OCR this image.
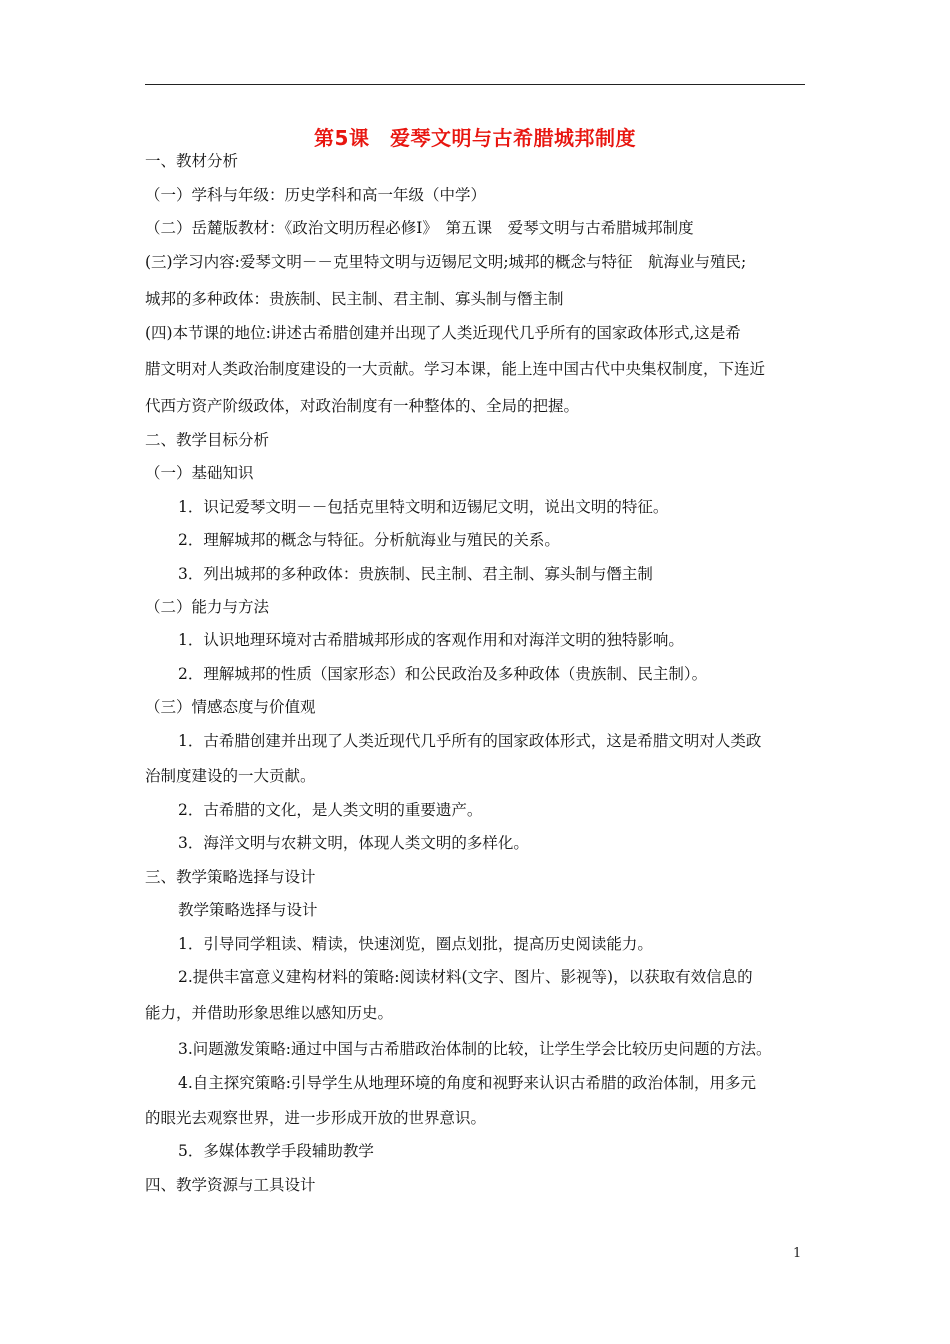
第5课　爱琴文明与古希腊城邦制度
一、教材分析
（一）学科与年级：历史学科和高一年级（中学）
（二）岳麓版教材：《政治文明历程必修Ⅰ》　第五课　爱琴文明与古希腊城邦制度
(三)学习内容:爱琴文明－－克里特文明与迈锡尼文明;城邦的概念与特征　航海业与殖民;
城邦的多种政体：贵族制、民主制、君主制、寡头制与僭主制
(四)本节课的地位:讲述古希腊创建并出现了人类近现代几乎所有的国家政体形式,这是希
腊文明对人类政治制度建设的一大贡献。学习本课，能上连中国古代中央集权制度，下连近
代西方资产阶级政体，对政治制度有一种整体的、全局的把握。
二、教学目标分析
（一）基础知识
1．识记爱琴文明－－包括克里特文明和迈锡尼文明，说出文明的特征。
2．理解城邦的概念与特征。分析航海业与殖民的关系。
3．列出城邦的多种政体：贵族制、民主制、君主制、寡头制与僭主制
（二）能力与方法
1．认识地理环境对古希腊城邦形成的客观作用和对海洋文明的独特影响。
2．理解城邦的性质（国家形态）和公民政治及多种政体（贵族制、民主制）。
（三）情感态度与价值观
1．古希腊创建并出现了人类近现代几乎所有的国家政体形式，这是希腊文明对人类政
治制度建设的一大贡献。
2．古希腊的文化，是人类文明的重要遗产。
3．海洋文明与农耕文明，体现人类文明的多样化。
三、教学策略选择与设计
教学策略选择与设计
1．引导同学粗读、精读，快速浏览，圈点划批，提高历史阅读能力。
2.提供丰富意义建构材料的策略:阅读材料(文字、图片、影视等)，以获取有效信息的
能力，并借助形象思维以感知历史。
3.问题激发策略:通过中国与古希腊政治体制的比较，让学生学会比较历史问题的方法。
4.自主探究策略:引导学生从地理环境的角度和视野来认识古希腊的政治体制，用多元
的眼光去观察世界，进一步形成开放的世界意识。
5．多媒体教学手段辅助教学
四、教学资源与工具设计
1
